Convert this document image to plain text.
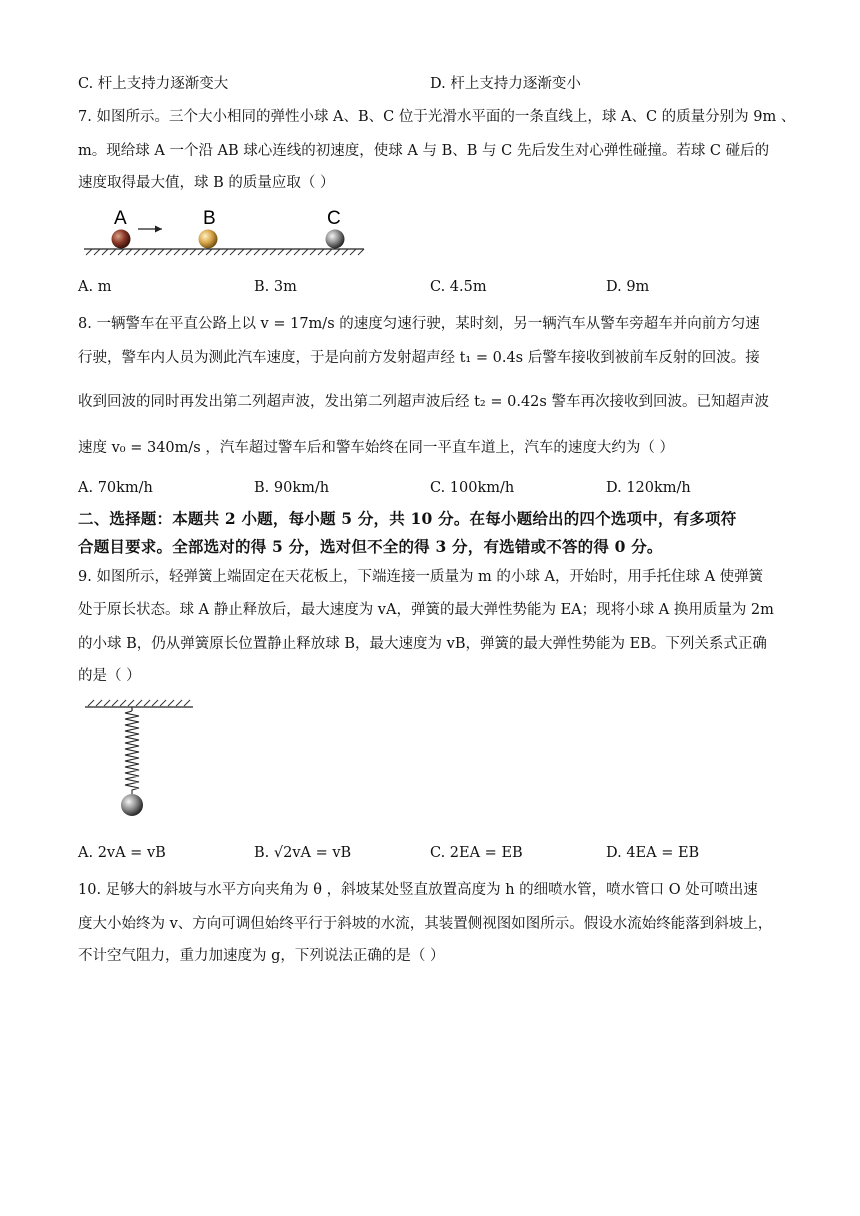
C. 杆上支持力逐渐变大	D. 杆上支持力逐渐变小
7. 如图所示。三个大小相同的弹性小球 A、B、C 位于光滑水平面的一条直线上，球 A、C 的质量分别为 9m 、
m。现给球 A 一个沿 AB 球心连线的初速度，使球 A 与 B、B 与 C 先后发生对心弹性碰撞。若球 C 碰后的
速度取得最大值，球 B 的质量应取（ ）
A	B	C
A. m	B. 3m	C. 4.5m	D. 9m
8. 一辆警车在平直公路上以 v = 17m/s 的速度匀速行驶，某时刻，另一辆汽车从警车旁超车并向前方匀速
行驶，警车内人员为测此汽车速度，于是向前方发射超声经 t₁ = 0.4s 后警车接收到被前车反射的回波。接
收到回波的同时再发出第二列超声波，发出第二列超声波后经 t₂ = 0.42s 警车再次接收到回波。已知超声波
速度 v₀ = 340m/s ，汽车超过警车后和警车始终在同一平直车道上，汽车的速度大约为（ ）
A. 70km/h	B. 90km/h	C. 100km/h	D. 120km/h
二、选择题：本题共 2 小题，每小题 5 分，共 10 分。在每小题给出的四个选项中，有多项符
合题目要求。全部选对的得 5 分，选对但不全的得 3 分，有选错或不答的得 0 分。
9. 如图所示，轻弹簧上端固定在天花板上，下端连接一质量为 m 的小球 A，开始时，用手托住球 A 使弹簧
处于原长状态。球 A 静止释放后，最大速度为 vA，弹簧的最大弹性势能为 EA；现将小球 A 换用质量为 2m
的小球 B，仍从弹簧原长位置静止释放球 B，最大速度为 vB，弹簧的最大弹性势能为 EB。下列关系式正确
的是（ ）
A. 2vA = vB	B. √2vA = vB	C. 2EA = EB	D. 4EA = EB
10. 足够大的斜坡与水平方向夹角为 θ ，斜坡某处竖直放置高度为 h 的细喷水管，喷水管口 O 处可喷出速
度大小始终为 v、方向可调但始终平行于斜坡的水流，其装置侧视图如图所示。假设水流始终能落到斜坡上，
不计空气阻力，重力加速度为 g，下列说法正确的是（ ）
